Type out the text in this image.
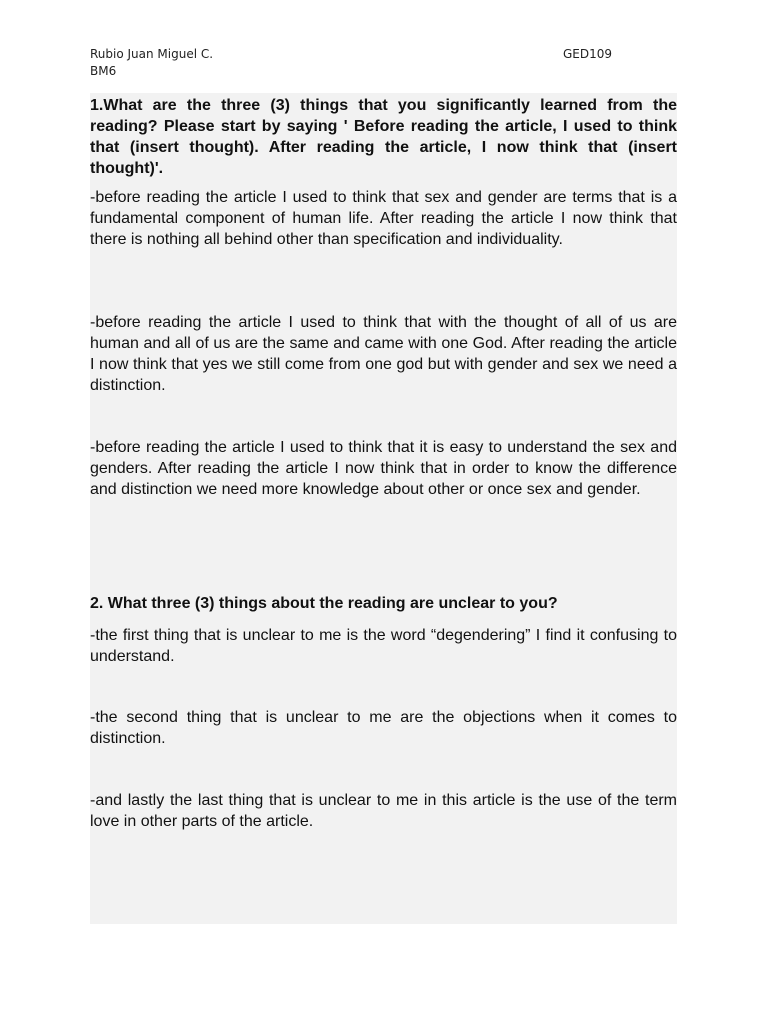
Rubio Juan Miguel C.	GED109
BM6
1.What are the three (3) things that you significantly learned from the reading? Please start by saying ' Before reading the article, I used to think that (insert thought). After reading the article, I now think that (insert thought)'.
-before reading the article I used to think that sex and gender are terms that is a fundamental component of human life. After reading the article I now think that there is nothing all behind other than specification and individuality.
-before reading the article I used to think that with the thought of all of us are human and all of us are the same and came with one God. After reading the article I now think that yes we still come from one god but with gender and sex we need a distinction.
-before reading the article I used to think that it is easy to understand the sex and genders. After reading the article I now think that in order to know the difference and distinction we need more knowledge about other or once sex and gender.
2. What three (3) things about the reading are unclear to you?
-the first thing that is unclear to me is the word “degendering” I find it confusing to understand.
-the second thing that is unclear to me are the objections when it comes to distinction.
-and lastly the last thing that is unclear to me in this article is the use of the term love in other parts of the article.
